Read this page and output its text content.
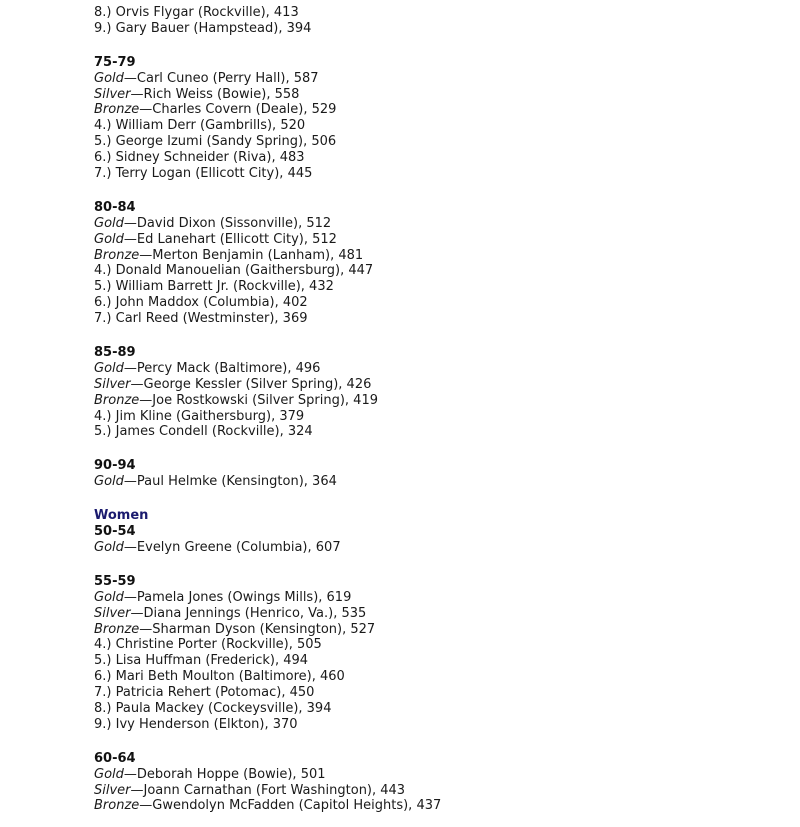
8.) Orvis Flygar (Rockville), 413
9.) Gary Bauer (Hampstead), 394
75-79
Gold—Carl Cuneo (Perry Hall), 587
Silver—Rich Weiss (Bowie), 558
Bronze—Charles Covern (Deale), 529
4.) William Derr (Gambrills), 520
5.) George Izumi (Sandy Spring), 506
6.) Sidney Schneider (Riva), 483
7.) Terry Logan (Ellicott City), 445
80-84
Gold—David Dixon (Sissonville), 512
Gold—Ed Lanehart (Ellicott City), 512
Bronze—Merton Benjamin (Lanham), 481
4.) Donald Manouelian (Gaithersburg), 447
5.) William Barrett Jr. (Rockville), 432
6.) John Maddox (Columbia), 402
7.) Carl Reed (Westminster), 369
85-89
Gold—Percy Mack (Baltimore), 496
Silver—George Kessler (Silver Spring), 426
Bronze—Joe Rostkowski (Silver Spring), 419
4.) Jim Kline (Gaithersburg), 379
5.) James Condell (Rockville), 324
90-94
Gold—Paul Helmke (Kensington), 364
Women
50-54
Gold—Evelyn Greene (Columbia), 607
55-59
Gold—Pamela Jones (Owings Mills), 619
Silver—Diana Jennings (Henrico, Va.), 535
Bronze—Sharman Dyson (Kensington), 527
4.) Christine Porter (Rockville), 505
5.) Lisa Huffman (Frederick), 494
6.) Mari Beth Moulton (Baltimore), 460
7.) Patricia Rehert (Potomac), 450
8.) Paula Mackey (Cockeysville), 394
9.) Ivy Henderson (Elkton), 370
60-64
Gold—Deborah Hoppe (Bowie), 501
Silver—Joann Carnathan (Fort Washington), 443
Bronze—Gwendolyn McFadden (Capitol Heights), 437
